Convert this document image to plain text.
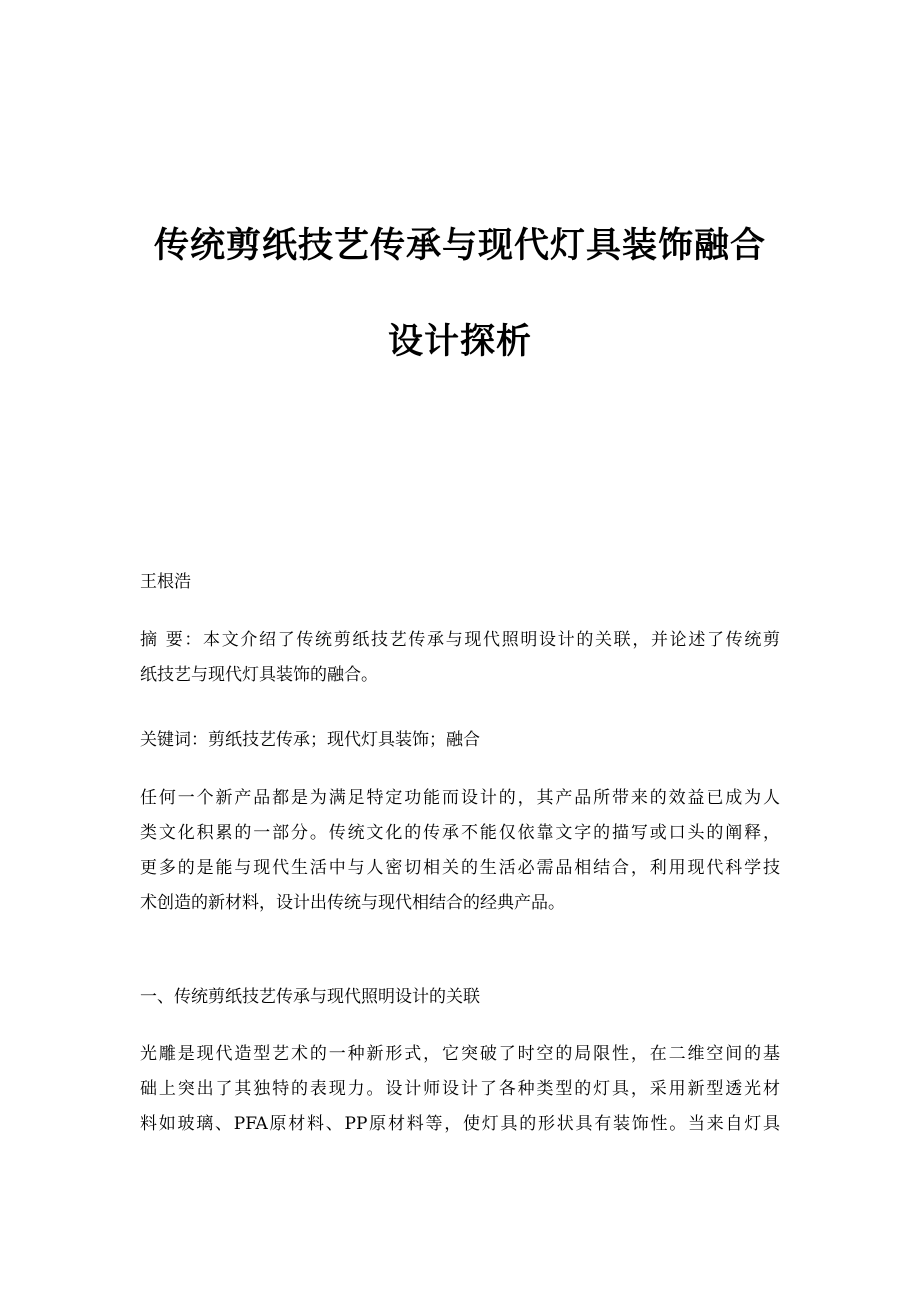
传统剪纸技艺传承与现代灯具装饰融合
设计探析
王根浩
摘 要：本文介绍了传统剪纸技艺传承与现代照明设计的关联，并论述了传统剪
纸技艺与现代灯具装饰的融合。
关键词：剪纸技艺传承；现代灯具装饰；融合
任何一个新产品都是为满足特定功能而设计的，其产品所带来的效益已成为人
类文化积累的一部分。传统文化的传承不能仅依靠文字的描写或口头的阐释，
更多的是能与现代生活中与人密切相关的生活必需品相结合，利用现代科学技
术创造的新材料，设计出传统与现代相结合的经典产品。
一、传统剪纸技艺传承与现代照明设计的关联
光雕是现代造型艺术的一种新形式，它突破了时空的局限性，在二维空间的基
础上突出了其独特的表现力。设计师设计了各种类型的灯具，采用新型透光材
料如玻璃、PFA原材料、PP原材料等，使灯具的形状具有装饰性。当来自灯具
